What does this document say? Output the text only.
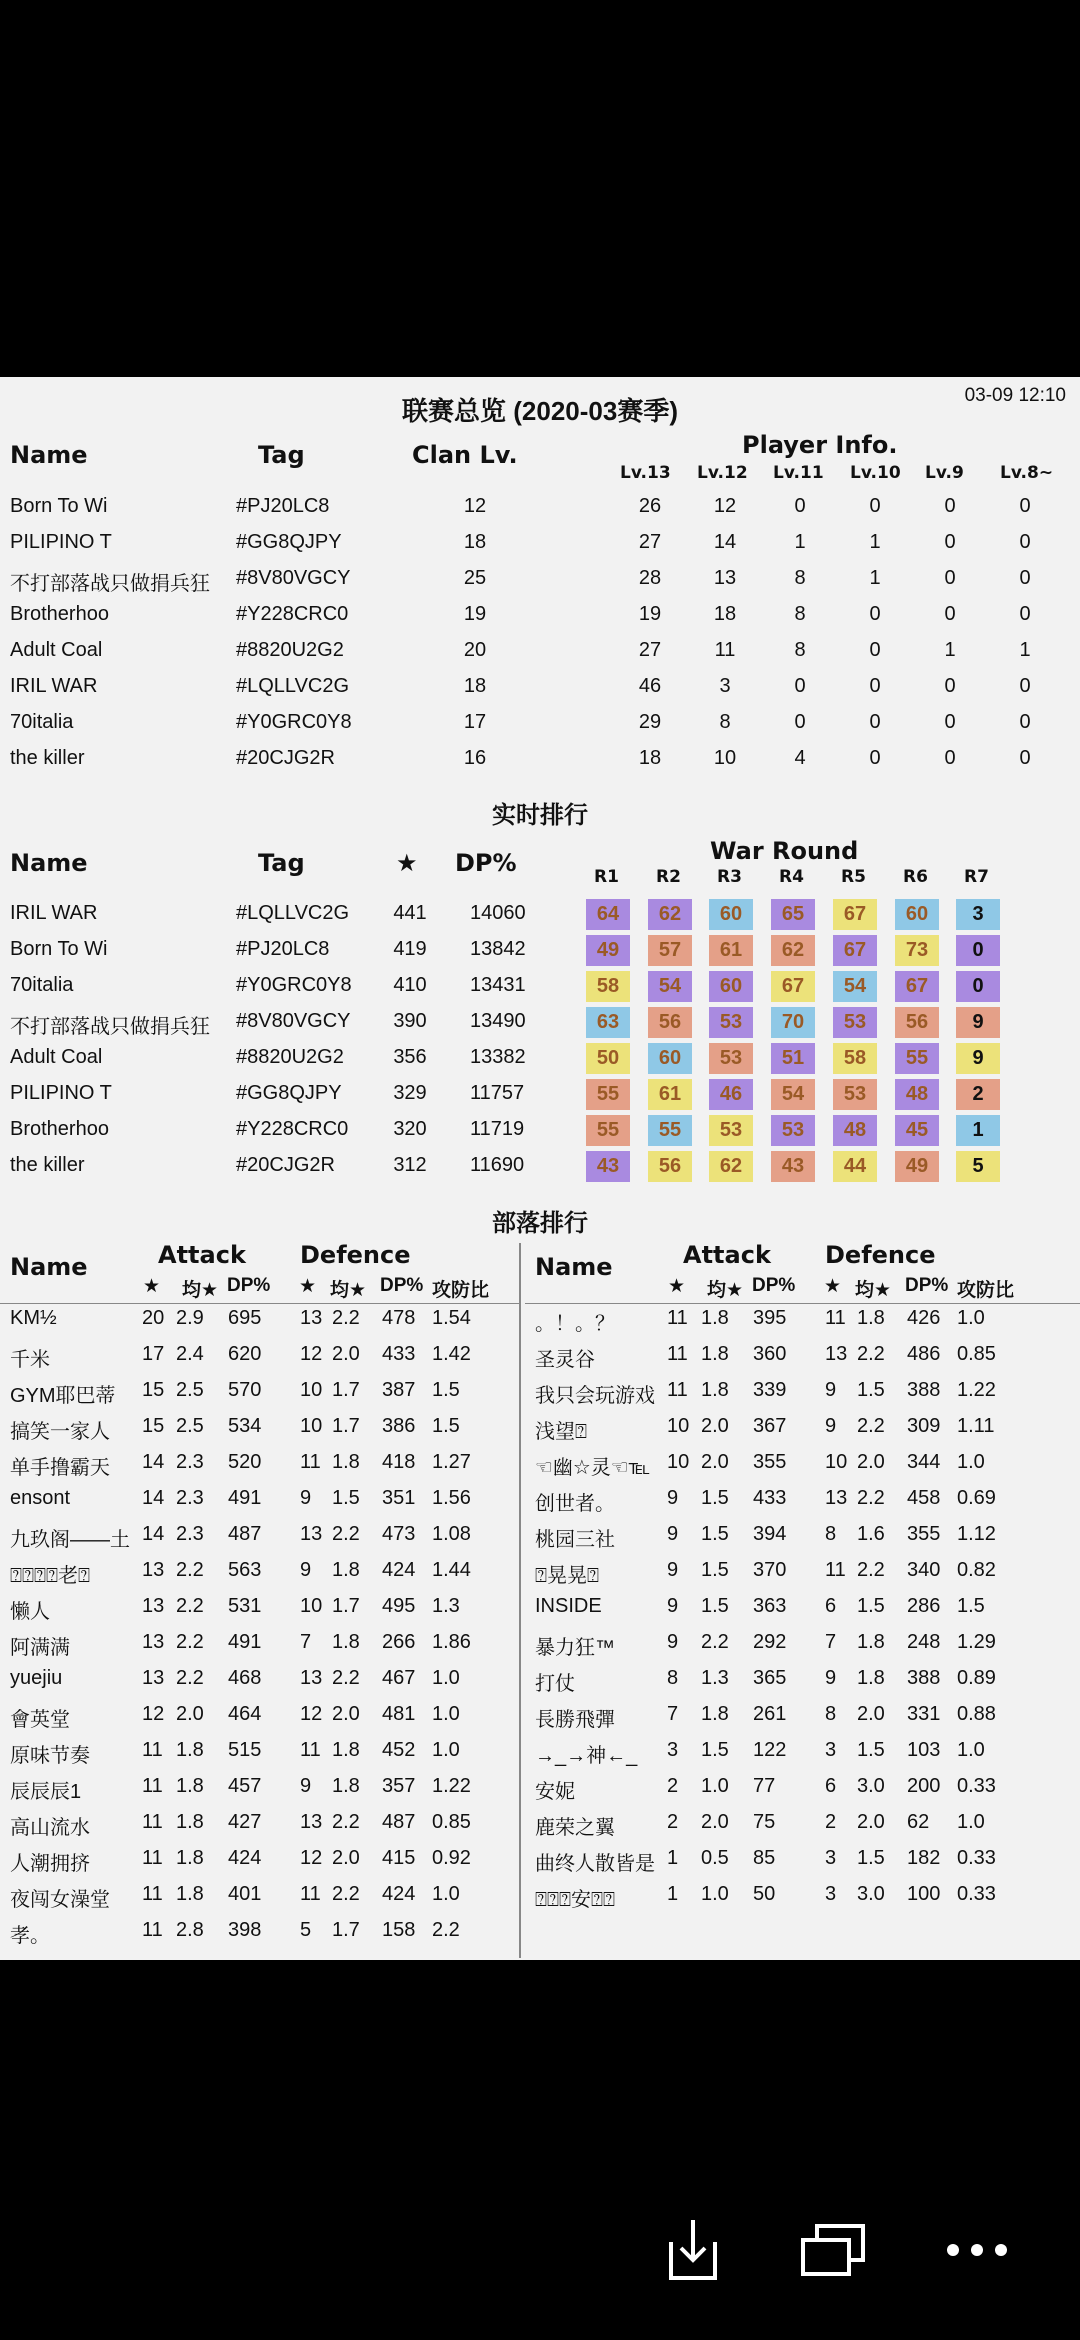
联赛总览 (2020-03赛季)
03-09 12:10
Name	Tag	Clan Lv.	Player Info.
Lv.13 Lv.12 Lv.11 Lv.10 Lv.9 Lv.8~
Born To Wi	#PJ20LC8	12	26	12	0	0	0	0
PILIPINO T	#GG8QJPY	18	27	14	1	1	0	0
不打部落战只做捐兵狂 #8V80VGCY	25	28	13	8	1	0	0
Brotherhoo	#Y228CRC0	19	19	18	8	0	0	0
Adult Coal	#8820U2G2	20	27	11	8	0	1	1
IRIL WAR	#LQLLVC2G	18	46	3	0	0	0	0
70italia	#Y0GRC0Y8	17	29	8	0	0	0	0
the killer	#20CJG2R	16	18	10	4	0	0	0
实时排行
Name	Tag	★ DP%	War Round
R1 R2 R3 R4 R5 R6 R7
IRIL WAR	#LQLLVC2G	441	14060	64	62	60	65	67	60	3
Born To Wi	#PJ20LC8	419	13842	49	57	61	62	67	73	0
70italia	#Y0GRC0Y8	410	13431	58	54	60	67	54	67	0
不打部落战只做捐兵狂 #8V80VGCY	390	13490	63	56	53	70	53	56	9
Adult Coal	#8820U2G2	356	13382	50	60	53	51	58	55	9
PILIPINO T	#GG8QJPY	329	11757	55	61	46	54	53	48	2
Brotherhoo	#Y228CRC0	320	11719	55	55	53	53	48	45	1
the killer	#20CJG2R	312	11690	43	56	62	43	44	49	5
部落排行
Name	Attack Defence
★ 均★ DP% ★ 均★ DP% 攻防比
KM½	20 2.9 695 13 2.2 478 1.54
千米	17 2.4 620 12 2.0 433 1.42
GYM耶巴蒂 15 2.5 570 10 1.7 387 1.5
搞笑一家人 15 2.5 534 10 1.7 386 1.5
单手撸霸天 14 2.3 520 11 1.8 418 1.27
ensont	14 2.3 491 9 1.5 351 1.56
九玖阁——土 14 2.3 487 13 2.2 473 1.08
⍰⍰⍰⍰老⍰	13 2.2 563 9 1.8 424 1.44
懒人	13 2.2 531 10 1.7 495 1.3
阿满满	13 2.2 491 7 1.8 266 1.86
yuejiu	13 2.2 468 13 2.2 467 1.0
會英堂	12 2.0 464 12 2.0 481 1.0
原味节奏	11 1.8 515 11 1.8 452 1.0
辰辰辰1	11 1.8 457 9 1.8 357 1.22
高山流水	11 1.8 427 13 2.2 487 0.85
人潮拥挤	11 1.8 424 12 2.0 415 0.92
夜闯女澡堂 11 1.8 401 11 2.2 424 1.0
孝。	11 2.8 398 5 1.7 158 2.2
Name	Attack Defence
★ 均★ DP% ★ 均★ DP% 攻防比
。！。？	11 1.8 395 11 1.8 426 1.0
圣灵谷	11 1.8 360 13 2.2 486 0.85
我只会玩游戏 11 1.8 339 9 1.5 388 1.22
浅望⍰	10 2.0 367 9 2.2 309 1.11
☜幽☆灵☜℡ 10 2.0 355 10 2.0 344 1.0
创世者。	9 1.5 433 13 2.2 458 0.69
桃园三社	9 1.5 394 8 1.6 355 1.12
⍰晃晃⍰	9 1.5 370 11 2.2 340 0.82
INSIDE	9 1.5 363 6 1.5 286 1.5
暴力狂™	9 2.2 292 7 1.8 248 1.29
打仗	8 1.3 365 9 1.8 388 0.89
長勝飛彈	7 1.8 261 8 2.0 331 0.88
→_→神←_ 3 1.5 122 3 1.5 103 1.0
安妮	2 1.0 77 6 3.0 200 0.33
鹿荣之翼	2 2.0 75 2 2.0 62 1.0
曲终人散皆是 1 0.5 85 3 1.5 182 0.33
⍰⍰⍰安⍰⍰	1 1.0 50 3 3.0 100 0.33
